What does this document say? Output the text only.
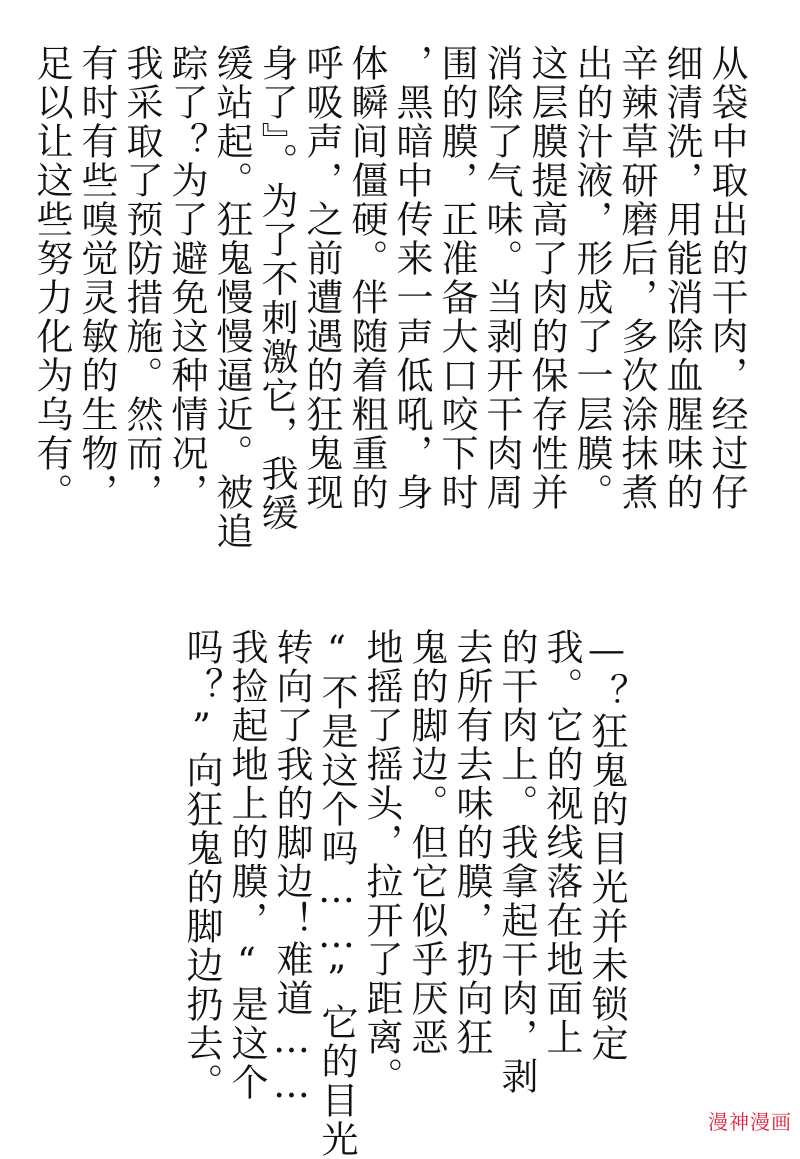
从袋中取出的干肉，经过仔
细清洗，用能消除血腥味的
辛辣草研磨后，多次涂抹煮
出的汁液，形成了一层膜。
这层膜提高了肉的保存性并
消除了气味。当剥开干肉周
围的膜，正准备大口咬下时
，黑暗中传来一声低吼，身
体瞬间僵硬。伴随着粗重的
呼吸声，之前遭遇的狂鬼现
身了』。为了不刺激它，我缓
缓站起。狂鬼慢慢逼近。被追
踪了？为了避免这种情况，
我采取了预防措施。然而，
有时有些嗅觉灵敏的生物，
足以让这些努力化为乌有。
—？狂鬼的目光并未锁定
我。它的视线落在地面上
的干肉上。我拿起干肉，剥
去所有去味的膜，扔向狂
鬼的脚边。但它似乎厌恶
地摇了摇头，拉开了距离。
“不是这个吗……”它的目光
转向了我的脚边！难道……
我捡起地上的膜，“是这个
吗？”向狂鬼的脚边扔去。
漫神漫画
